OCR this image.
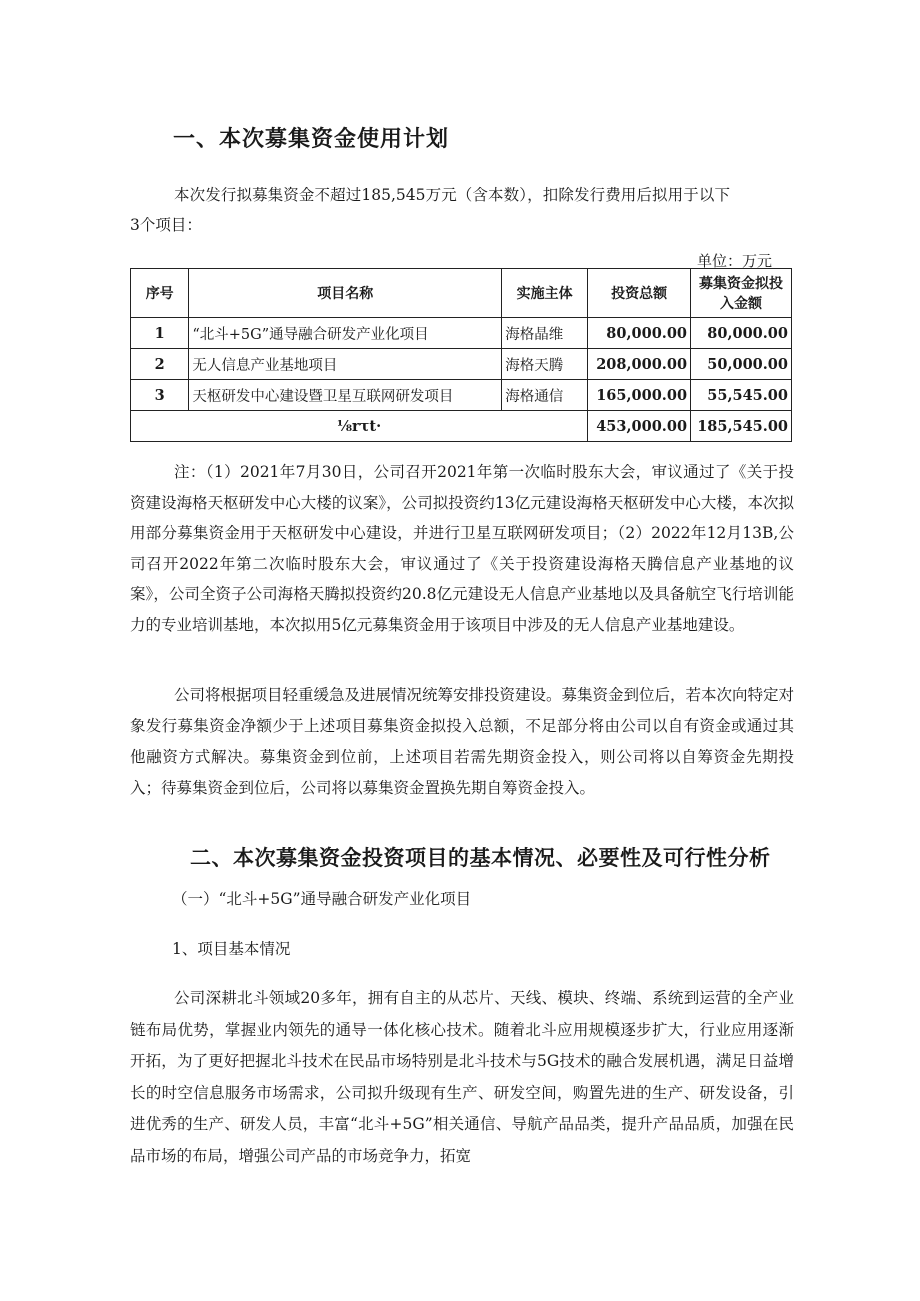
一、本次募集资金使用计划
本次发行拟募集资金不超过185,545万元（含本数），扣除发行费用后拟用于以下3个项目：
单位：万元
序号	项目名称	实施主体	投资总额	募集资金拟投入金额
1	“北斗+5G”通导融合研发产业化项目	海格晶维	80,000.00	80,000.00
2	无人信息产业基地项目	海格天腾	208,000.00	50,000.00
3	天枢研发中心建设暨卫星互联网研发项目	海格通信	165,000.00	55,545.00
⅛rτt·			453,000.00	185,545.00
注：（1）2021年7月30日，公司召开2021年第一次临时股东大会，审议通过了《关于投资建设海格天枢研发中心大楼的议案》，公司拟投资约13亿元建设海格天枢研发中心大楼，本次拟用部分募集资金用于天枢研发中心建设，并进行卫星互联网研发项目；（2）2022年12月13B,公司召开2022年第二次临时股东大会，审议通过了《关于投资建设海格天腾信息产业基地的议案》，公司全资子公司海格天腾拟投资约20.8亿元建设无人信息产业基地以及具备航空飞行培训能力的专业培训基地，本次拟用5亿元募集资金用于该项目中涉及的无人信息产业基地建设。
公司将根据项目轻重缓急及进展情况统筹安排投资建设。募集资金到位后，若本次向特定对象发行募集资金净额少于上述项目募集资金拟投入总额，不足部分将由公司以自有资金或通过其他融资方式解决。募集资金到位前，上述项目若需先期资金投入，则公司将以自筹资金先期投入；待募集资金到位后，公司将以募集资金置换先期自筹资金投入。
二、本次募集资金投资项目的基本情况、必要性及可行性分析
（一）“北斗+5G”通导融合研发产业化项目
1、项目基本情况
公司深耕北斗领域20多年，拥有自主的从芯片、天线、模块、终端、系统到运营的全产业链布局优势，掌握业内领先的通导一体化核心技术。随着北斗应用规模逐步扩大，行业应用逐渐开拓，为了更好把握北斗技术在民品市场特别是北斗技术与5G技术的融合发展机遇，满足日益增长的时空信息服务市场需求，公司拟升级现有生产、研发空间，购置先进的生产、研发设备，引进优秀的生产、研发人员，丰富“北斗+5G”相关通信、导航产品品类，提升产品品质，加强在民品市场的布局，增强公司产品的市场竞争力，拓宽
